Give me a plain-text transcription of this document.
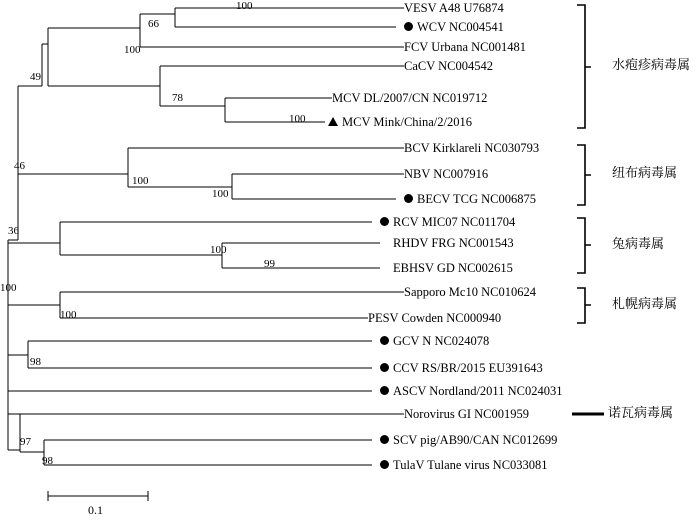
VESV A48 U76874
WCV NC004541
FCV Urbana NC001481
CaCV NC004542
MCV DL/2007/CN NC019712
MCV Mink/China/2/2016
BCV Kirklareli NC030793
NBV NC007916
BECV TCG NC006875
RCV MIC07 NC011704
RHDV FRG NC001543
EBHSV GD NC002615
Sapporo Mc10 NC010624
PESV Cowden NC000940
GCV N NC024078
CCV RS/BR/2015 EU391643
ASCV Nordland/2011 NC024031
Norovirus GI NC001959
SCV pig/AB90/CAN NC012699
TulaV Tulane virus NC033081
100
66
100
78
100
49
46
100
100
36
100
99
100
100
98
97
98
水疱疹病毒属
纽布病毒属
兔病毒属
札幌病毒属
诺瓦病毒属
0.1
